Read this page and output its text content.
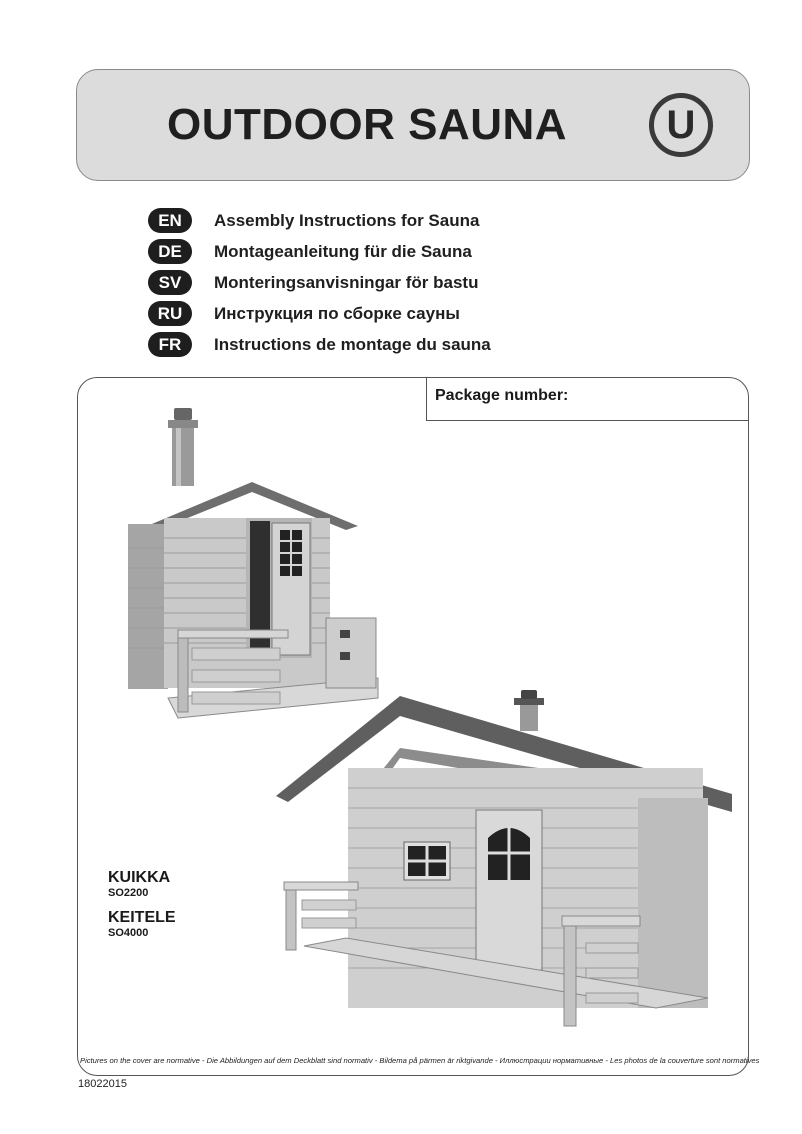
OUTDOOR SAUNA	U
EN	Assembly Instructions for Sauna
DE	Montageanleitung für die Sauna
SV	Monteringsanvisningar för bastu
RU	Инструкция по сборке сауны
FR	Instructions de montage du sauna
Package number:
KUIKKA
SO2200
KEITELE
SO4000
Pictures on the cover are normative - Die Abbildungen auf dem Deckblatt sind normativ - Bildema på pärmen är riktgivande - Иллюстрации нормативные - Les photos de la couverture sont normatives
18022015
